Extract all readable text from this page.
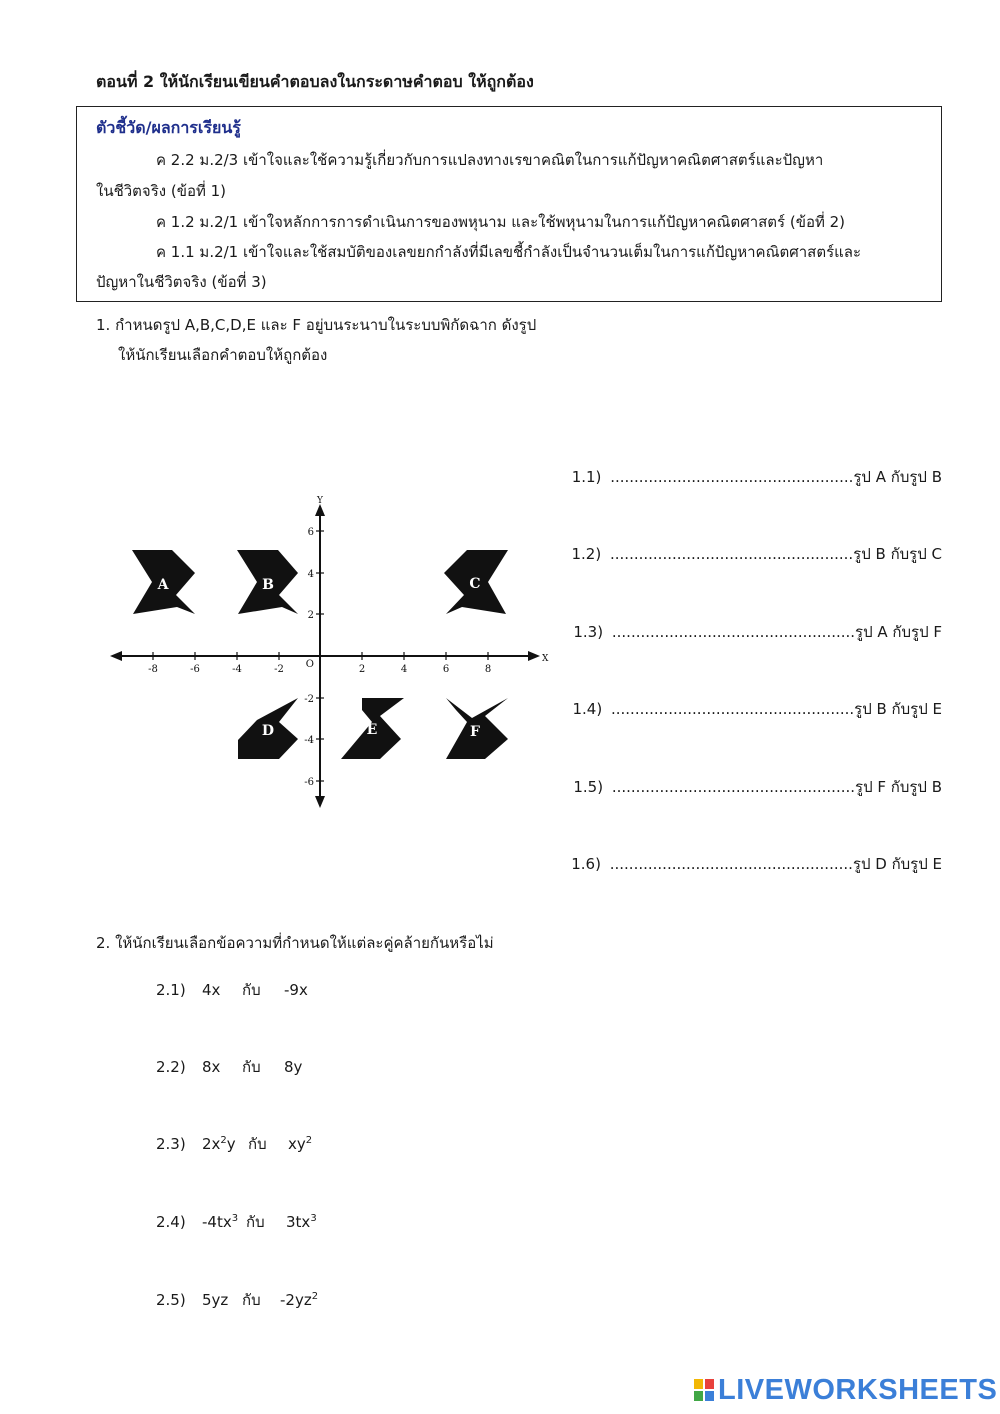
ตอนที่ 2 ให้นักเรียนเขียนคำตอบลงในกระดาษคำตอบ ให้ถูกต้อง
ตัวชี้วัด/ผลการเรียนรู้
ค 2.2 ม.2/3 เข้าใจและใช้ความรู้เกี่ยวกับการแปลงทางเรขาคณิตในการแก้ปัญหาคณิตศาสตร์และปัญหา
ในชีวิตจริง (ข้อที่ 1)
ค 1.2 ม.2/1 เข้าใจหลักการการดำเนินการของพหุนาม และใช้พหุนามในการแก้ปัญหาคณิตศาสตร์ (ข้อที่ 2)
ค 1.1 ม.2/1 เข้าใจและใช้สมบัติของเลขยกกำลังที่มีเลขชี้กำลังเป็นจำนวนเต็มในการแก้ปัญหาคณิตศาสตร์และ
ปัญหาในชีวิตจริง (ข้อที่ 3)
1. กำหนดรูป A,B,C,D,E และ F อยู่บนระนาบในระบบพิกัดฉาก ดังรูป
ให้นักเรียนเลือกคำตอบให้ถูกต้อง
1.1) ...................................................รูป A กับรูป B
1.2) ...................................................รูป B กับรูป C
1.3) ...................................................รูป A กับรูป F
1.4) ...................................................รูป B กับรูป E
1.5) ...................................................รูป F กับรูป B
1.6) ...................................................รูป D กับรูป E
-8	-6	-4	-2	2	4	6	8
6
4
2
-2
-4
-6
O	X
Y
A	B	C
D	E	F
2. ให้นักเรียนเลือกข้อความที่กำหนดให้แต่ละคู่คล้ายกันหรือไม่
2.1) 4x กับ -9x
2.2) 8x กับ 8y
2.3) $2x^2y$ กับ $xy^2$
2.4) $-4tx^3$ กับ $3tx^3$
2.5) 5yz กับ $-2yz^2$
LIVEWORKSHEETS
